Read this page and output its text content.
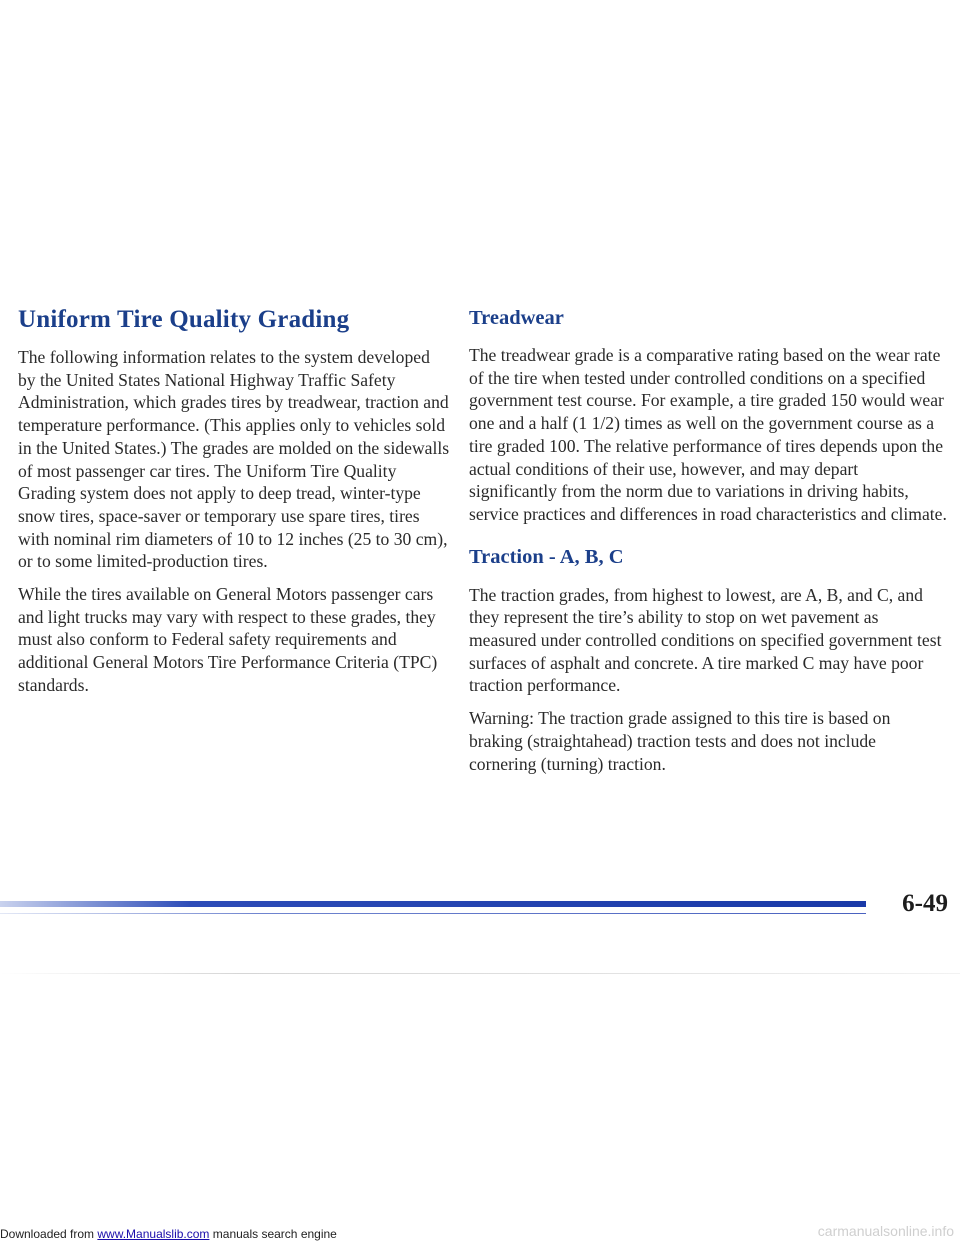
Uniform Tire Quality Grading

The following information relates to the system developed by the United States National Highway Traffic Safety Administration, which grades tires by treadwear, traction and temperature performance. (This applies only to vehicles sold in the United States.) The grades are molded on the sidewalls of most passenger car tires. The Uniform Tire Quality Grading system does not apply to deep tread, winter-type snow tires, space-saver or temporary use spare tires, tires with nominal rim diameters of 10 to 12 inches (25 to 30 cm), or to some limited-production tires.

While the tires available on General Motors passenger cars and light trucks may vary with respect to these grades, they must also conform to Federal safety requirements and additional General Motors Tire Performance Criteria (TPC) standards.

Treadwear

The treadwear grade is a comparative rating based on the wear rate of the tire when tested under controlled conditions on a specified government test course. For example, a tire graded 150 would wear one and a half (1 1/2) times as well on the government course as a tire graded 100. The relative performance of tires depends upon the actual conditions of their use, however, and may depart significantly from the norm due to variations in driving habits, service practices and differences in road characteristics and climate.

Traction - A, B, C

The traction grades, from highest to lowest, are A, B, and C, and they represent the tire’s ability to stop on wet pavement as measured under controlled conditions on specified government test surfaces of asphalt and concrete. A tire marked C may have poor traction performance.

Warning: The traction grade assigned to this tire is based on braking (straightahead) traction tests and does not include cornering (turning) traction.

6-49
Downloaded from www.Manualslib.com manuals search engine	carmanualsonline.info
